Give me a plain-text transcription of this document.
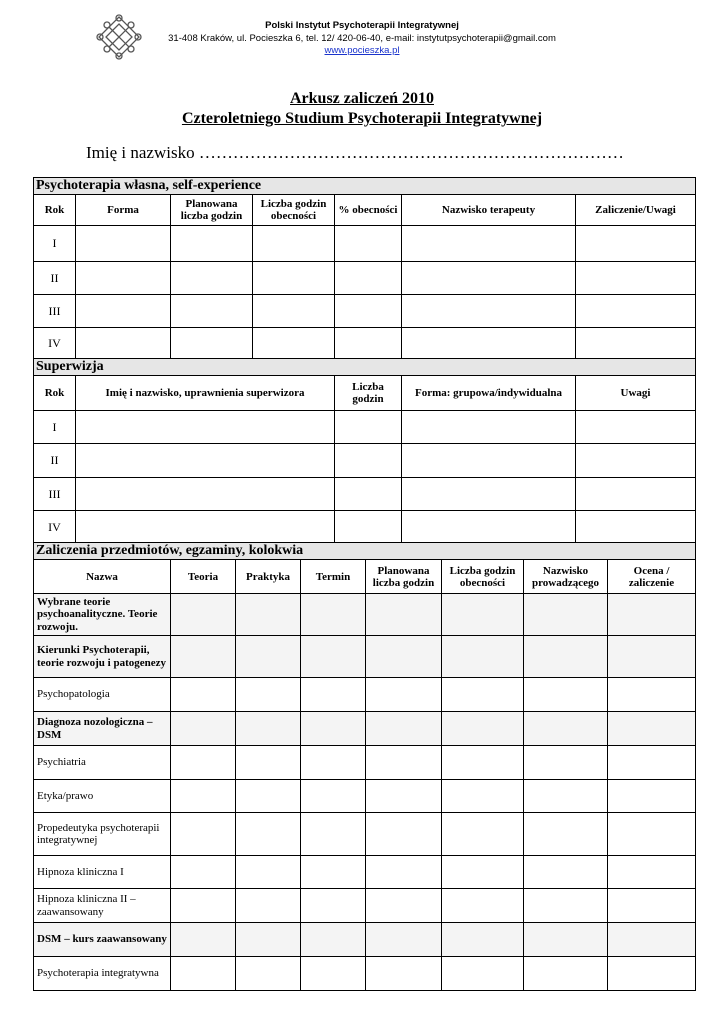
Polski Instytut Psychoterapii Integratywnej
31-408 Kraków, ul. Pocieszka 6, tel. 12/ 420-06-40, e-mail: instytutpsychoterapii@gmail.com
www.pocieszka.pl
Arkusz zaliczeń 2010
Czteroletniego Studium Psychoterapii Integratywnej
Imię i nazwisko …………………………………………………………………
Psychoterapia własna, self-experience						
Rok	Forma	Planowana liczba godzin	Liczba godzin obecności	% obecności	Nazwisko terapeuty	Zaliczenie/Uwagi
I						
II						
III						
IV						
Superwizja				
Rok	Imię i nazwisko, uprawnienia superwizora	Liczba godzin	Forma: grupowa/indywidualna	Uwagi
I				
II				
III				
IV				
Zaliczenia przedmiotów, egzaminy, kolokwia							
Nazwa	Teoria	Praktyka	Termin	Planowana liczba godzin	Liczba godzin obecności	Nazwisko prowadzącego	Ocena / zaliczenie
Wybrane teorie psychoanalityczne. Teorie rozwoju.							
Kierunki Psychoterapii, teorie rozwoju i patogenezy							
Psychopatologia							
Diagnoza nozologiczna – DSM							
Psychiatria							
Etyka/prawo							
Propedeutyka psychoterapii integratywnej							
Hipnoza kliniczna I							
Hipnoza kliniczna II – zaawansowany							
DSM – kurs zaawansowany							
Psychoterapia integratywna							
